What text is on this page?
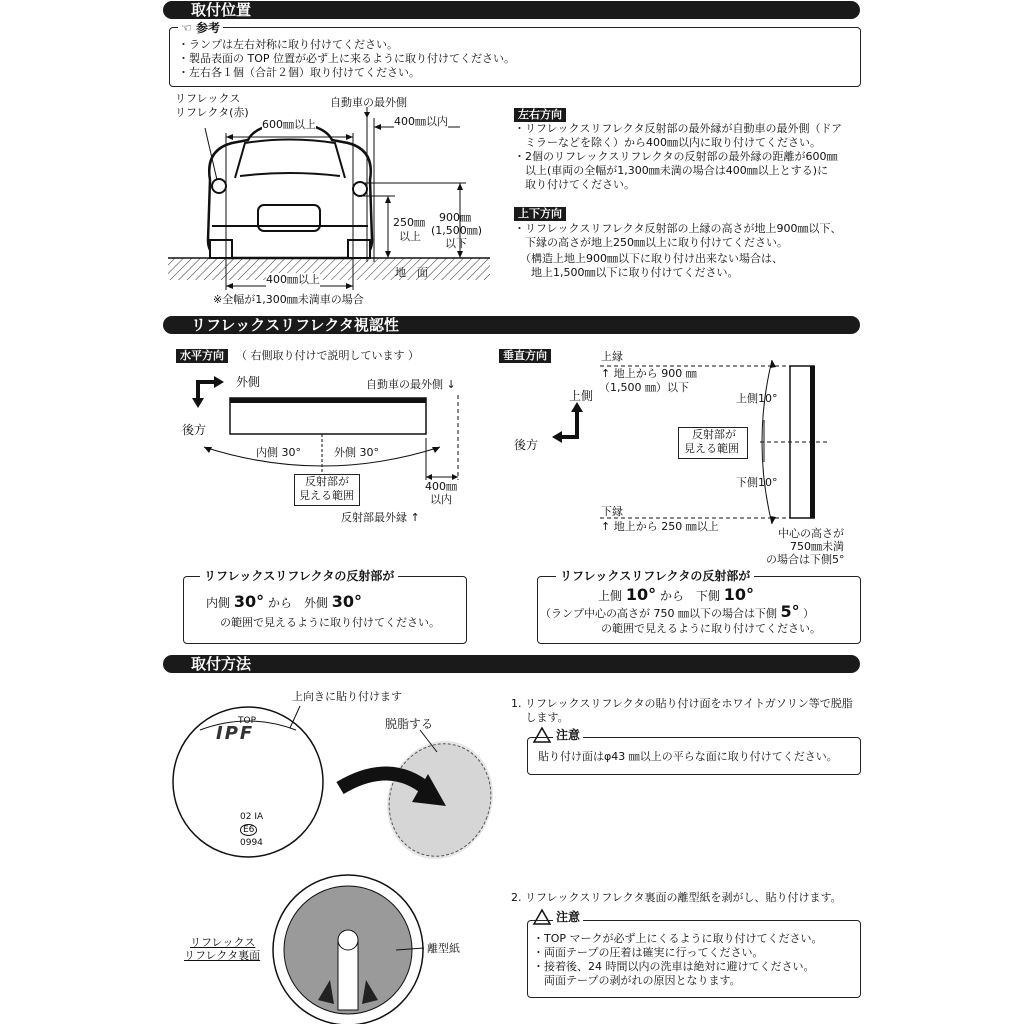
取付位置
リフレックスリフレクタ視認性
取付方法
☜ 参考
・ランプは左右対称に取り付けてください。
・製品表面の TOP 位置が必ず上に来るように取り付けてください。
・左右各１個（合計２個）取り付けてください。
リフレックス
リフレクタ(赤)
自動車の最外側
600㎜以上	400㎜以内
250㎜
以上
900㎜
(1,500㎜)
以下
地　面
400㎜以上
※全幅が1,300㎜未満車の場合
左右方向
・リフレックスリフレクタ反射部の最外縁が自動車の最外側（ドア
　ミラーなどを除く）から400㎜以内に取り付けてください。
・2個のリフレックスリフレクタの反射部の最外縁の距離が600㎜
　以上(車両の全幅が1,300㎜未満の場合は400㎜以上とする)に
　取り付けてください。
上下方向
・リフレックスリフレクタ反射部の上縁の高さが地上900㎜以下、
　下縁の高さが地上250㎜以上に取り付けてください。
（構造上地上900㎜以下に取り付け出来ない場合は、
　地上1,500㎜以下に取り付けてください。
水平方向	（ 右側取り付けで説明しています ）
外側
後方
自動車の最外側 ↓
内側 30°	外側 30°
反射部が
見える範囲
400㎜
以内
反射部最外縁 ↑
垂直方向	上縁
↑ 地上から 900 ㎜
（1,500 ㎜）以下
上側
後方
上側10°
反射部が
見える範囲
下側10°
下縁
↑ 地上から 250 ㎜以上
中心の高さが
750㎜未満
の場合は下側5°
リフレックスリフレクタの反射部が
内側 30° から　外側 30°
の範囲で見えるように取り付けてください。
リフレックスリフレクタの反射部が
上側 10° から　下側 10°
（ランプ中心の高さが 750 ㎜以下の場合は下側 5° ）
の範囲で見えるように取り付けてください。
上向きに貼り付けます
TOP
IPF
02 IA
E6
0994
脱脂する
1. リフレックスリフレクタの貼り付け面をホワイトガソリン等で脱脂
　 します。
注意
貼り付け面はφ43 ㎜以上の平らな面に取り付けてください。
リフレックス
リフレクタ裏面
離型紙
2. リフレックスリフレクタ裏面の離型紙を剥がし、貼り付けます。
注意
・TOP マークが必ず上にくるように取り付けてください。
・両面テープの圧着は確実に行ってください。
・接着後、24 時間以内の洗車は絶対に避けてください。
　両面テープの剥がれの原因となります。
